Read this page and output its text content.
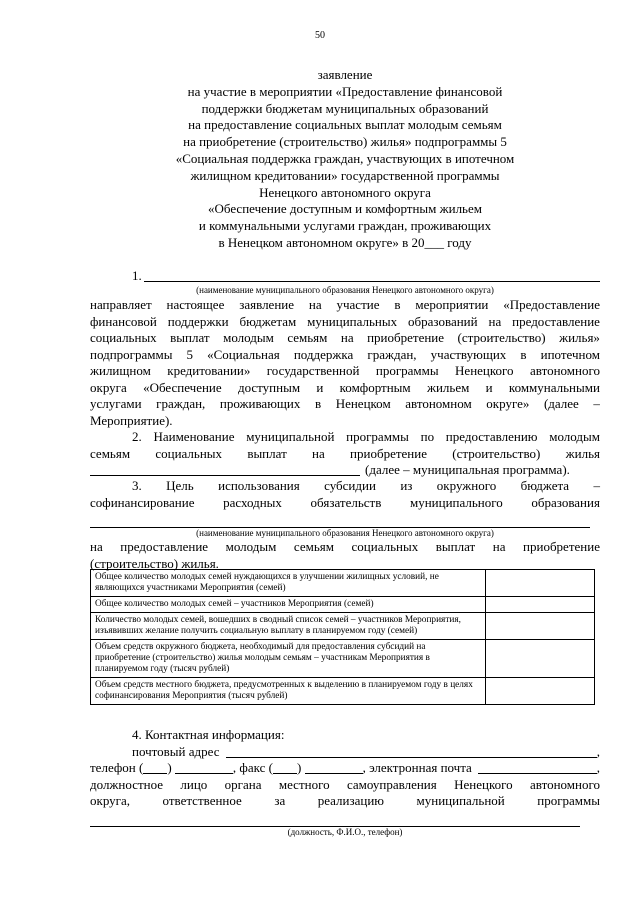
50
заявление
на участие в мероприятии «Предоставление финансовой
поддержки бюджетам муниципальных образований
на предоставление социальных выплат молодым семьям
на приобретение (строительство) жилья» подпрограммы 5
«Социальная поддержка граждан, участвующих в ипотечном
жилищном кредитовании» государственной программы
Ненецкого автономного округа
«Обеспечение доступным и комфортным жильем
и коммунальными услугами граждан, проживающих
в Ненецком автономном округе» в 20___ году
1.
(наименование муниципального образования Ненецкого автономного округа)
направляет настоящее заявление на участие в мероприятии «Предоставление
финансовой поддержки бюджетам муниципальных образований на предоставление
социальных выплат молодым семьям на приобретение (строительство) жилья»
подпрограммы 5 «Социальная поддержка граждан, участвующих в ипотечном
жилищном кредитовании» государственной программы Ненецкого автономного
округа «Обеспечение доступным и комфортным жильем и коммунальными
услугами граждан, проживающих в Ненецком автономном округе» (далее –
Мероприятие).
2. Наименование муниципальной программы по предоставлению молодым
семьям социальных выплат на приобретение (строительство) жилья
(далее – муниципальная программа).
3. Цель использования субсидии из окружного бюджета –
софинансирование расходных обязательств муниципального образования
(наименование муниципального образования Ненецкого автономного округа)
на предоставление молодым семьям социальных выплат на приобретение
(строительство) жилья.
Общее количество молодых семей нуждающихся в улучшении жилищных условий, не являющихся участниками Мероприятия (семей)	
Общее количество молодых семей – участников Мероприятия (семей)	
Количество молодых семей, вошедших в сводный список семей – участников Мероприятия, изъявивших желание получить социальную выплату в планируемом году (семей)	
Объем средств окружного бюджета, необходимый для предоставления субсидий на приобретение (строительство) жилья молодым семьям – участникам Мероприятия в планируемом году (тысяч рублей)	
Объем средств местного бюджета, предусмотренных к выделению в планируемом году в целях софинансирования Мероприятия (тысяч рублей)	
4. Контактная информация:
почтовый адрес	,
телефон ( )	, факс ( )	, электронная почта	,
должностное лицо органа местного самоуправления Ненецкого автономного
округа,	ответственное	за	реализацию	муниципальной	программы
(должность, Ф.И.О., телефон)
